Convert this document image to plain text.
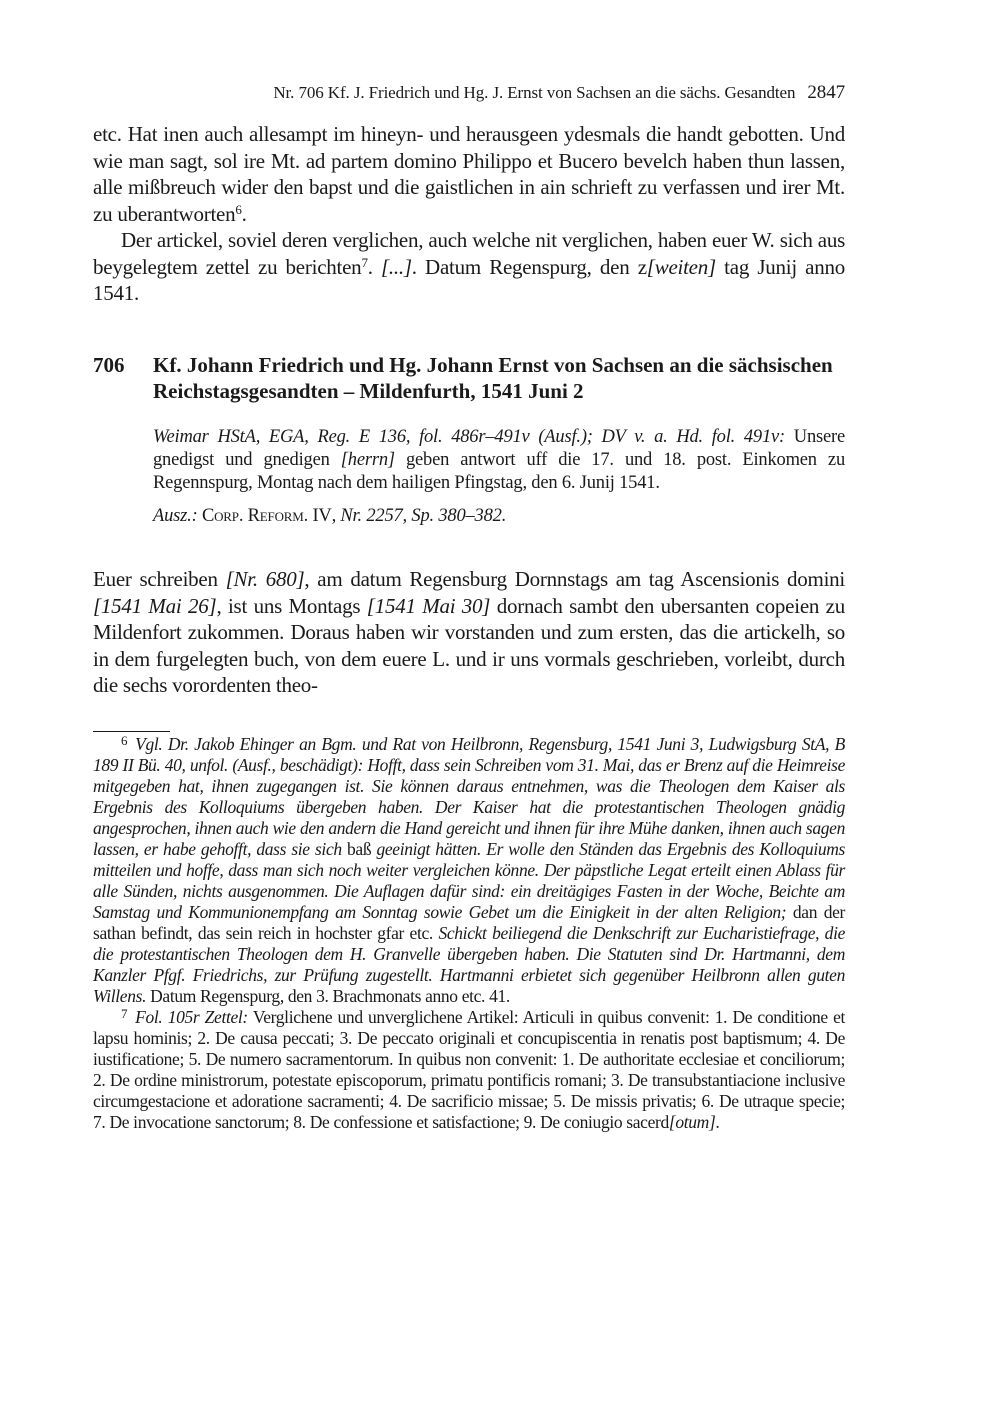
Nr. 706 Kf. J. Friedrich und Hg. J. Ernst von Sachsen an die sächs. Gesandten 2847

etc. Hat inen auch allesampt im hineyn- und herausgeen ydesmals die handt gebotten. Und wie man sagt, sol ire Mt. ad partem domino Philippo et Bucero bevelch haben thun lassen, alle mißbreuch wider den bapst und die gaistlichen in ain schrieft zu verfassen und irer Mt. zu uberantworten$^6$.

Der artickel, soviel deren verglichen, auch welche nit verglichen, haben euer W. sich aus beygelegtem zettel zu berichten$^7$. [...]. Datum Regenspurg, den z[weiten] tag Junij anno 1541.

706	Kf. Johann Friedrich und Hg. Johann Ernst von Sachsen an die sächsischen Reichstagsgesandten – Mildenfurth, 1541 Juni 2

Weimar HStA, EGA, Reg. E 136, fol. 486r–491v (Ausf.); DV v. a. Hd. fol. 491v: Unsere gnedigst und gnedigen [herrn] geben antwort uff die 17. und 18. post. Einkomen zu Regennspurg, Montag nach dem hailigen Pfingstag, den 6. Junij 1541.

Ausz.: Corp. Reform. IV, Nr. 2257, Sp. 380–382.

Euer schreiben [Nr. 680], am datum Regensburg Dornnstags am tag Ascensionis domini [1541 Mai 26], ist uns Montags [1541 Mai 30] dornach sambt den ubersanten copeien zu Mildenfort zukommen. Doraus haben wir vorstanden und zum ersten, das die artickelh, so in dem furgelegten buch, von dem euere L. und ir uns vormals geschrieben, vorleibt, durch die sechs vorordenten theo-

$^6$ Vgl. Dr. Jakob Ehinger an Bgm. und Rat von Heilbronn, Regensburg, 1541 Juni 3, Ludwigsburg StA, B 189 II Bü. 40, unfol. (Ausf., beschädigt): Hofft, dass sein Schreiben vom 31. Mai, das er Brenz auf die Heimreise mitgegeben hat, ihnen zugegangen ist. Sie können daraus entnehmen, was die Theologen dem Kaiser als Ergebnis des Kolloquiums übergeben haben. Der Kaiser hat die protestantischen Theologen gnädig angesprochen, ihnen auch wie den andern die Hand gereicht und ihnen für ihre Mühe danken, ihnen auch sagen lassen, er habe gehofft, dass sie sich baß geeinigt hätten. Er wolle den Ständen das Ergebnis des Kolloquiums mitteilen und hoffe, dass man sich noch weiter vergleichen könne. Der päpstliche Legat erteilt einen Ablass für alle Sünden, nichts ausgenommen. Die Auflagen dafür sind: ein dreitägiges Fasten in der Woche, Beichte am Samstag und Kommunionempfang am Sonntag sowie Gebet um die Einigkeit in der alten Religion; dan der sathan befindt, das sein reich in hochster gfar etc. Schickt beiliegend die Denkschrift zur Eucharistiefrage, die die protestantischen Theologen dem H. Granvelle übergeben haben. Die Statuten sind Dr. Hartmanni, dem Kanzler Pfgf. Friedrichs, zur Prüfung zugestellt. Hartmanni erbietet sich gegenüber Heilbronn allen guten Willens. Datum Regenspurg, den 3. Brachmonats anno etc. 41.

$^7$ Fol. 105r Zettel: Verglichene und unverglichene Artikel: Articuli in quibus convenit: 1. De conditione et lapsu hominis; 2. De causa peccati; 3. De peccato originali et concupiscentia in renatis post baptismum; 4. De iustificatione; 5. De numero sacramentorum. In quibus non convenit: 1. De authoritate ecclesiae et conciliorum; 2. De ordine ministrorum, potestate episcoporum, primatu pontificis romani; 3. De transubstantiacione inclusive circumgestacione et adoratione sacramenti; 4. De sacrificio missae; 5. De missis privatis; 6. De utraque specie; 7. De invocatione sanctorum; 8. De confessione et satisfactione; 9. De coniugio sacerd[otum].
